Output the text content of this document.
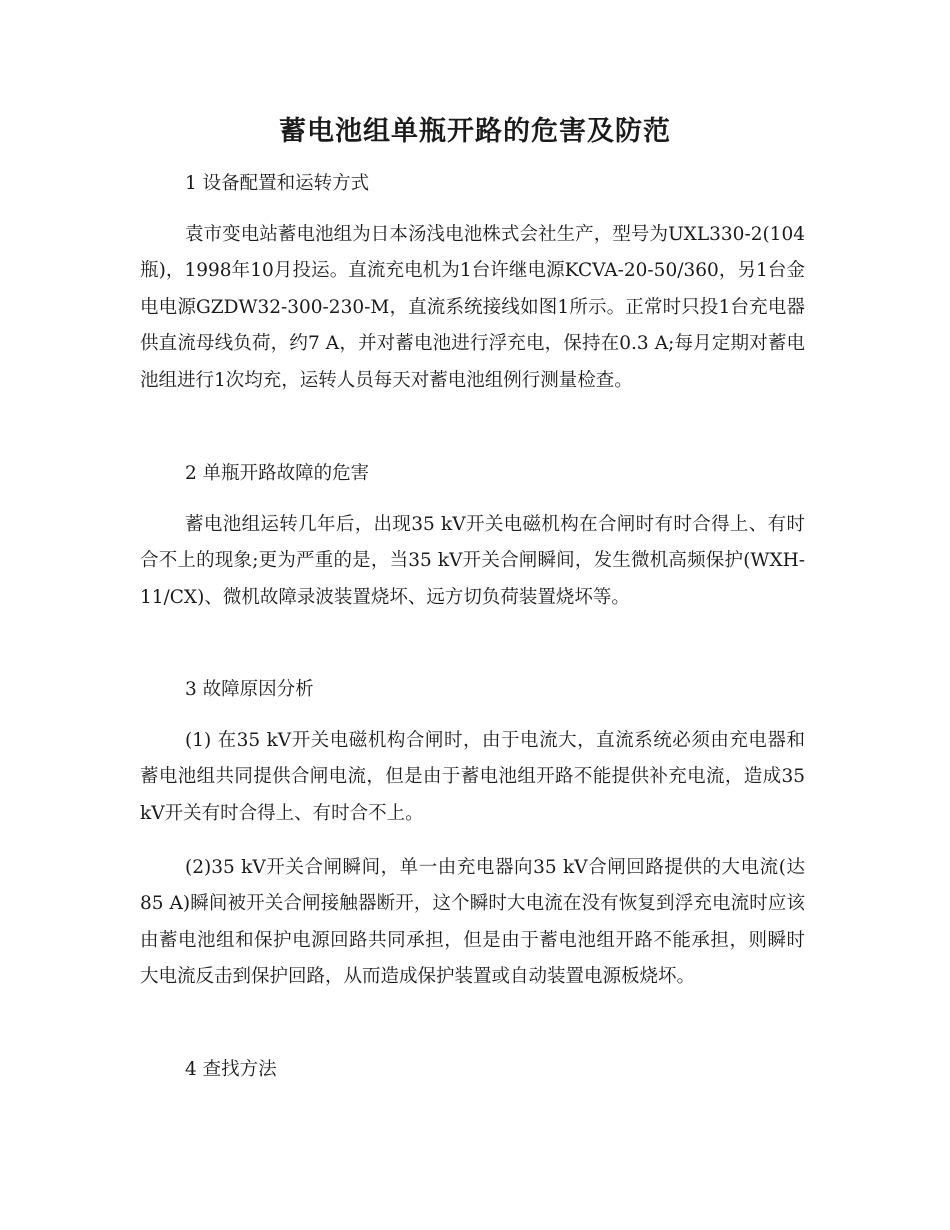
蓄电池组单瓶开路的危害及防范
1 设备配置和运转方式
袁市变电站蓄电池组为日本汤浅电池株式会社生产，型号为UXL330-2(104瓶)，1998年10月投运。直流充电机为1台许继电源KCVA-20-50/360，另1台金电电源GZDW32-300-230-M，直流系统接线如图1所示。正常时只投1台充电器供直流母线负荷，约7 A，并对蓄电池进行浮充电，保持在0.3 A;每月定期对蓄电池组进行1次均充，运转人员每天对蓄电池组例行测量检查。
2 单瓶开路故障的危害
蓄电池组运转几年后，出现35 kV开关电磁机构在合闸时有时合得上、有时合不上的现象;更为严重的是，当35 kV开关合闸瞬间，发生微机高频保护(WXH-11/CX)、微机故障录波装置烧坏、远方切负荷装置烧坏等。
3 故障原因分析
(1) 在35 kV开关电磁机构合闸时，由于电流大，直流系统必须由充电器和蓄电池组共同提供合闸电流，但是由于蓄电池组开路不能提供补充电流，造成35 kV开关有时合得上、有时合不上。
(2)35 kV开关合闸瞬间，单一由充电器向35 kV合闸回路提供的大电流(达85 A)瞬间被开关合闸接触器断开，这个瞬时大电流在没有恢复到浮充电流时应该由蓄电池组和保护电源回路共同承担，但是由于蓄电池组开路不能承担，则瞬时大电流反击到保护回路，从而造成保护装置或自动装置电源板烧坏。
4 查找方法
